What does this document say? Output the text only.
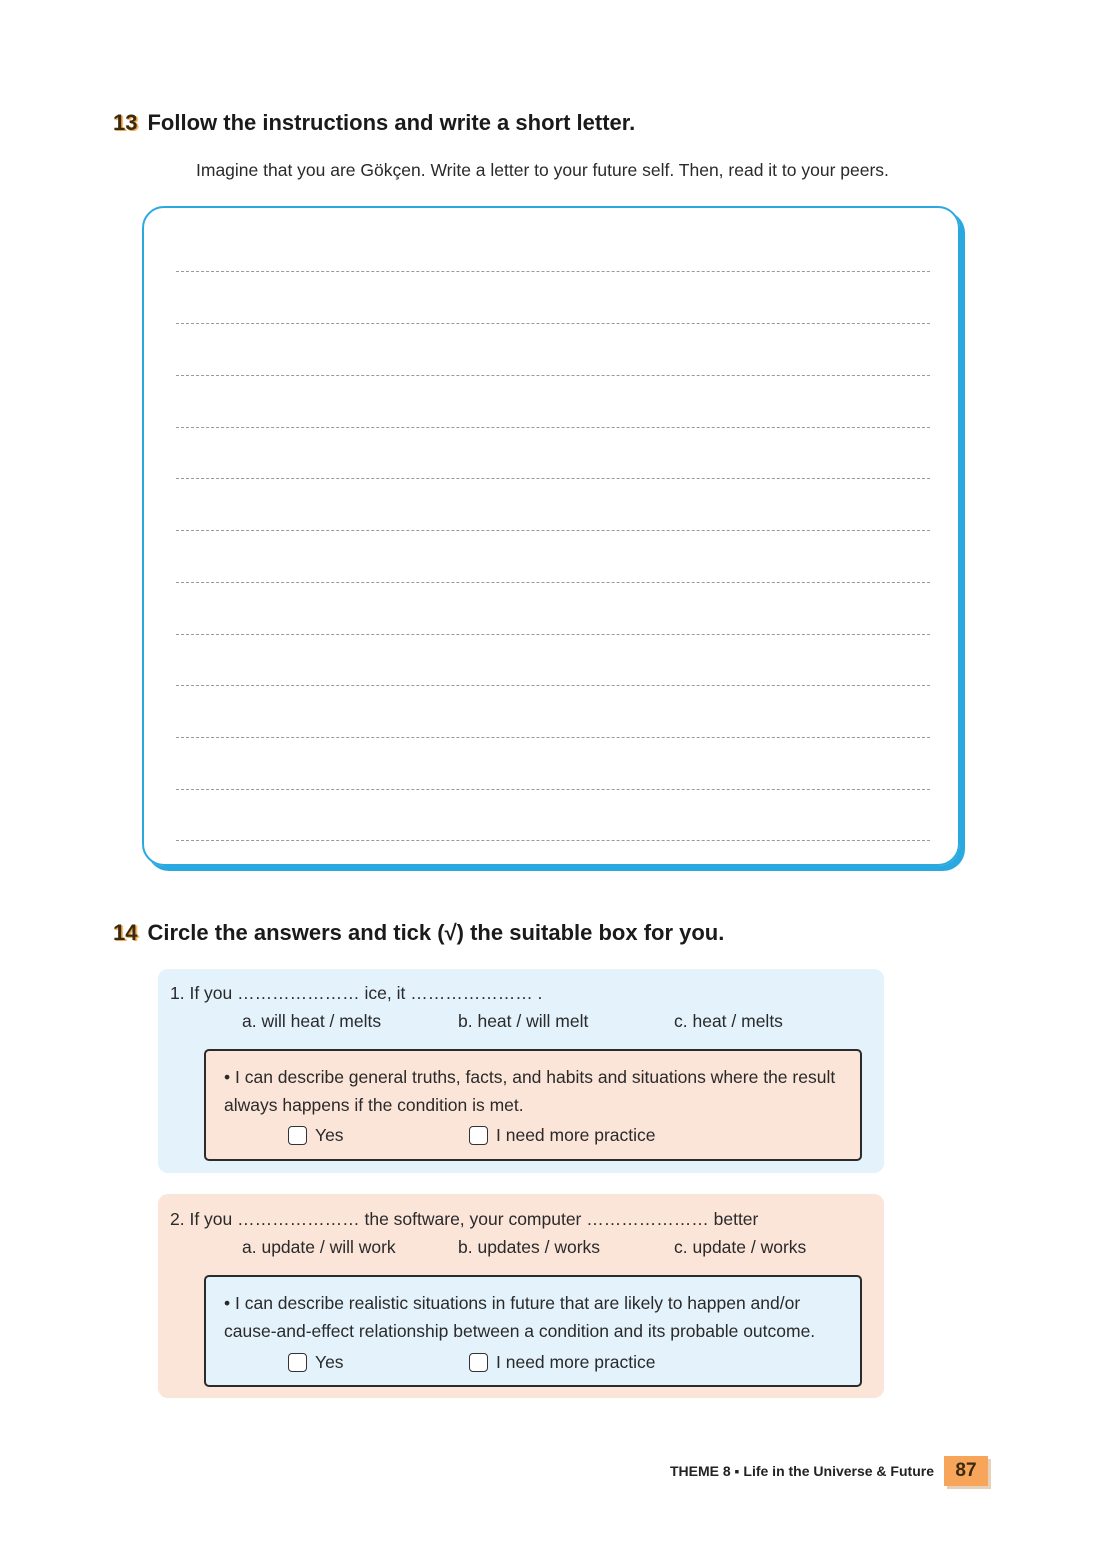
13 Follow the instructions and write a short letter.
Imagine that you are Gökçen. Write a letter to your future self. Then, read it to your peers.
14 Circle the answers and tick (√) the suitable box for you.
1. If you ………………… ice, it ………………… .
a. will heat / melts	b. heat / will melt	c. heat / melts
• I can describe general truths, facts, and habits and situations where the result always happens if the condition is met.
Yes	I need more practice
2. If you ………………… the software, your computer ………………… better
a. update / will work	b. updates / works	c. update / works
• I can describe realistic situations in future that are likely to happen and/or cause-and-effect relationship between a condition and its probable outcome.
Yes	I need more practice
THEME 8 ▪ Life in the Universe & Future	87
